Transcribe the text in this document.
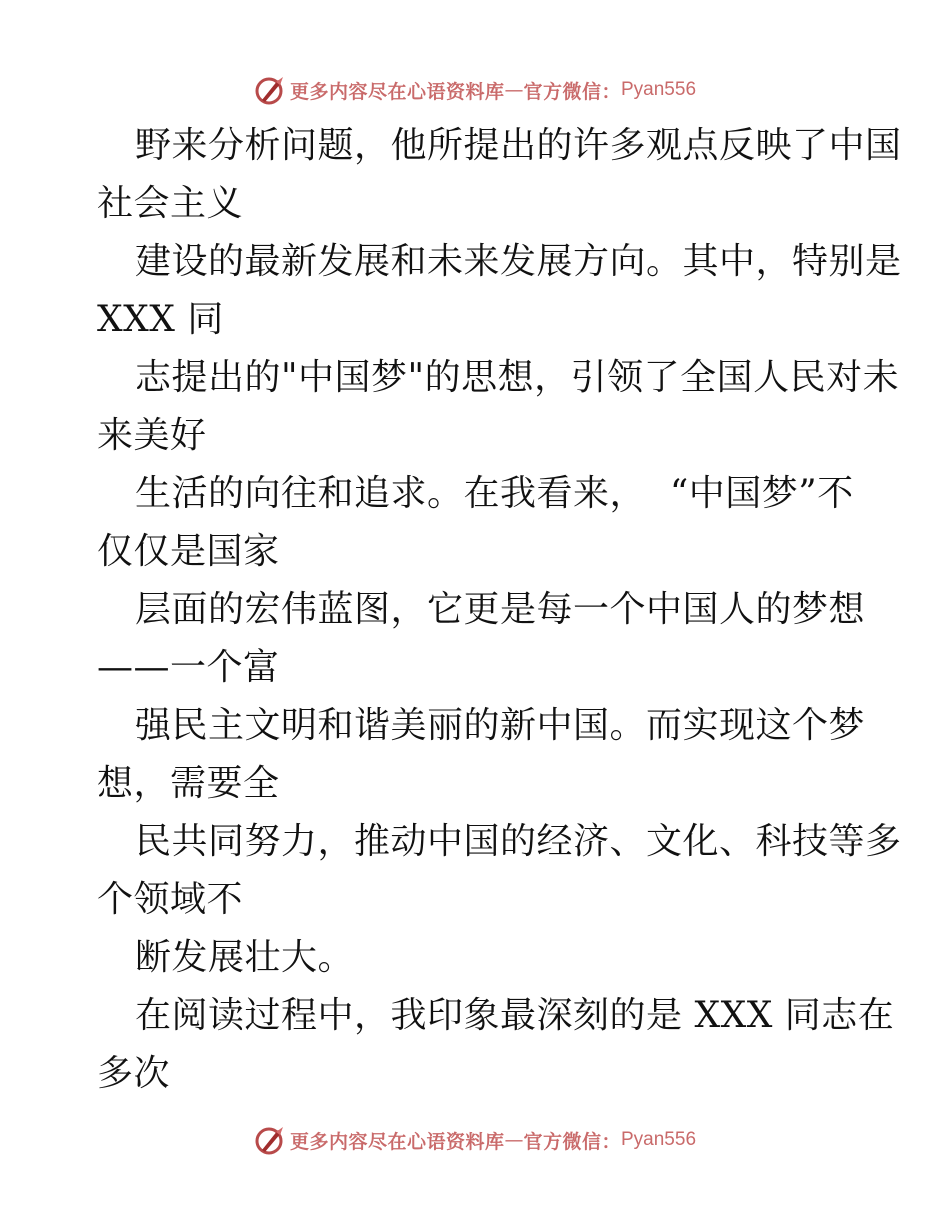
更多内容尽在心语资料库 — 官方微信： Pyan556
野来分析问题，他所提出的许多观点反映了中国
社会主义
建设的最新发展和未来发展方向。其中，特别是
XXX 同
志提出的"中国梦"的思想，引领了全国人民对未
来美好
生活的向往和追求。在我看来，  “中国梦”不
仅仅是国家
层面的宏伟蓝图，它更是每一个中国人的梦想
——一个富
强民主文明和谐美丽的新中国。而实现这个梦
想，需要全
民共同努力，推动中国的经济、文化、科技等多
个领域不
断发展壮大。
在阅读过程中，我印象最深刻的是 XXX 同志在
多次
更多内容尽在心语资料库 — 官方微信： Pyan556
